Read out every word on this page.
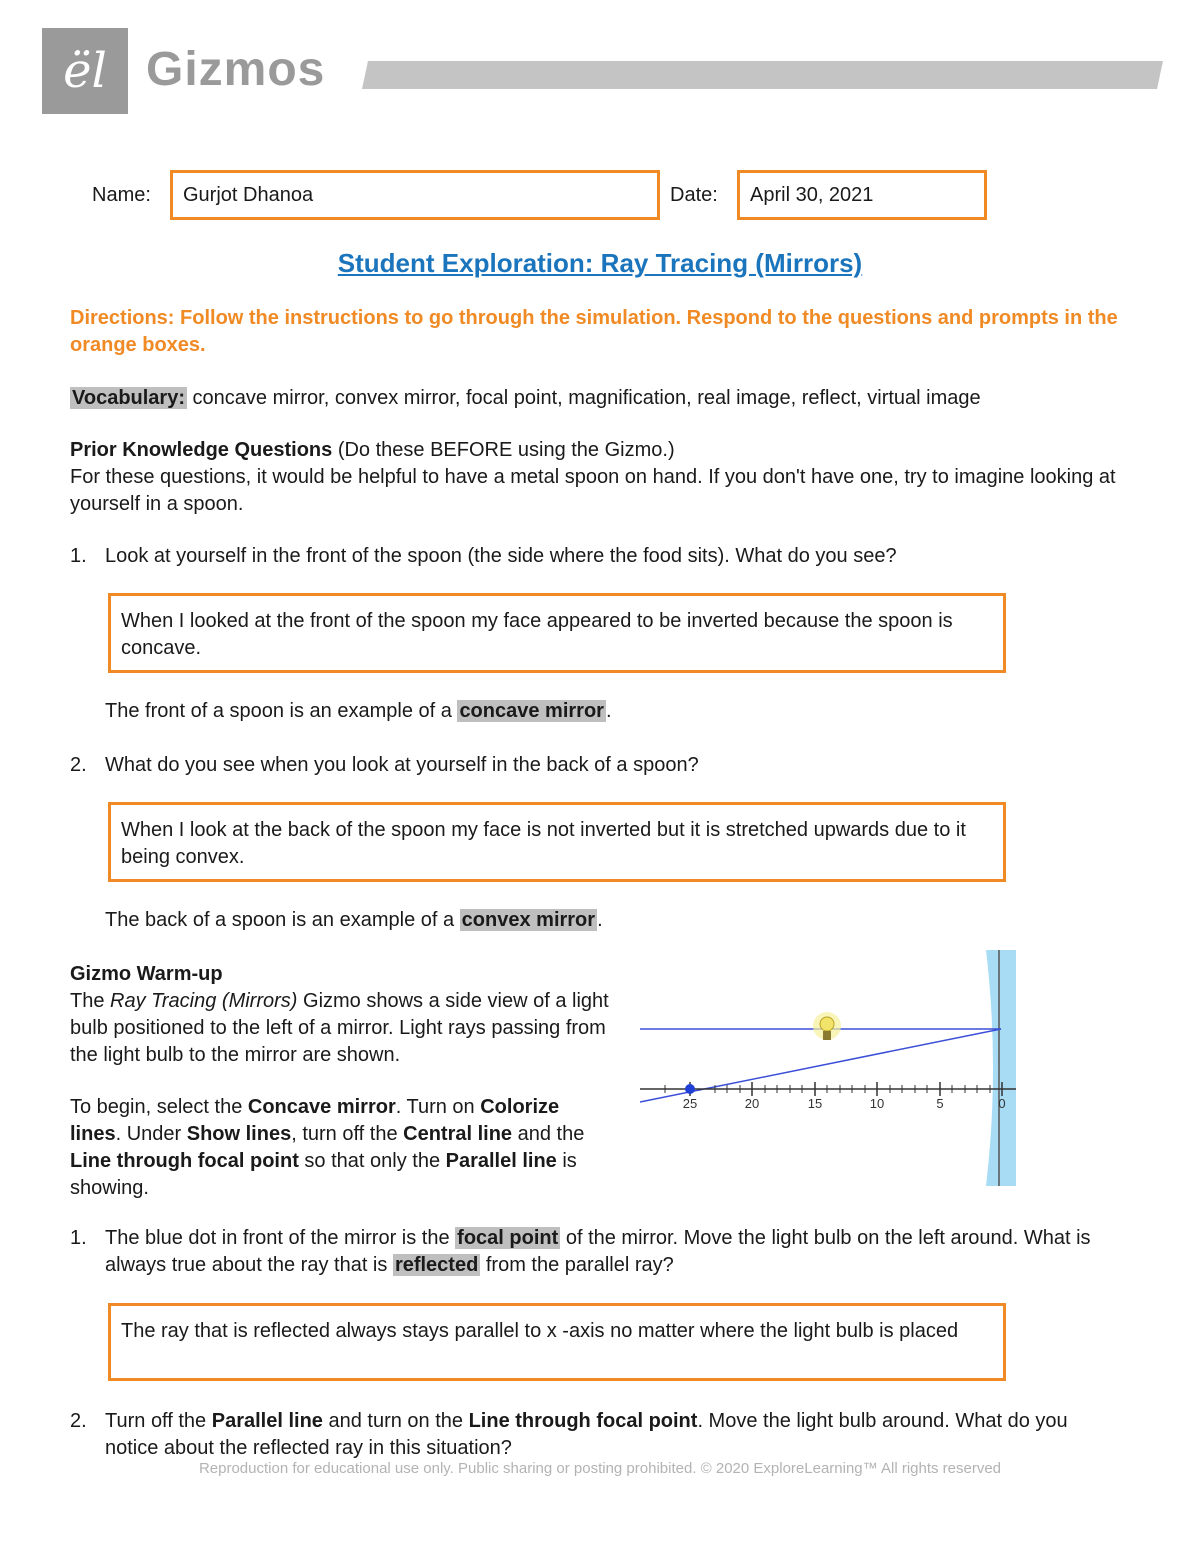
ël Gizmos
Name:	Gurjot Dhanoa	Date:	April 30, 2021
Student Exploration: Ray Tracing (Mirrors)
Directions: Follow the instructions to go through the simulation. Respond to the questions and prompts in the orange boxes.
Vocabulary: concave mirror, convex mirror, focal point, magnification, real image, reflect, virtual image
Prior Knowledge Questions (Do these BEFORE using the Gizmo.)
For these questions, it would be helpful to have a metal spoon on hand. If you don't have one, try to imagine looking at yourself in a spoon.
1. Look at yourself in the front of the spoon (the side where the food sits). What do you see?
When I looked at the front of the spoon my face appeared to be inverted because the spoon is concave.
The front of a spoon is an example of a concave mirror .
2. What do you see when you look at yourself in the back of a spoon?
When I look at the back of the spoon my face is not inverted but it is stretched upwards due to it being convex.
The back of a spoon is an example of a convex mirror .
Gizmo Warm-up
The Ray Tracing (Mirrors) Gizmo shows a side view of a light bulb positioned to the left of a mirror. Light rays passing from the light bulb to the mirror are shown.
To begin, select the Concave mirror. Turn on Colorize lines. Under Show lines, turn off the Central line and the Line through focal point so that only the Parallel line is showing.
25	20	15	10	5	0
1. The blue dot in front of the mirror is the focal point of the mirror. Move the light bulb on the left around. What is always true about the ray that is reflected from the parallel ray?
The ray that is reflected always stays parallel to x -axis no matter where the light bulb is placed
2. Turn off the Parallel line and turn on the Line through focal point. Move the light bulb around. What do you notice about the reflected ray in this situation?
Reproduction for educational use only. Public sharing or posting prohibited. © 2020 ExploreLearning™ All rights reserved
